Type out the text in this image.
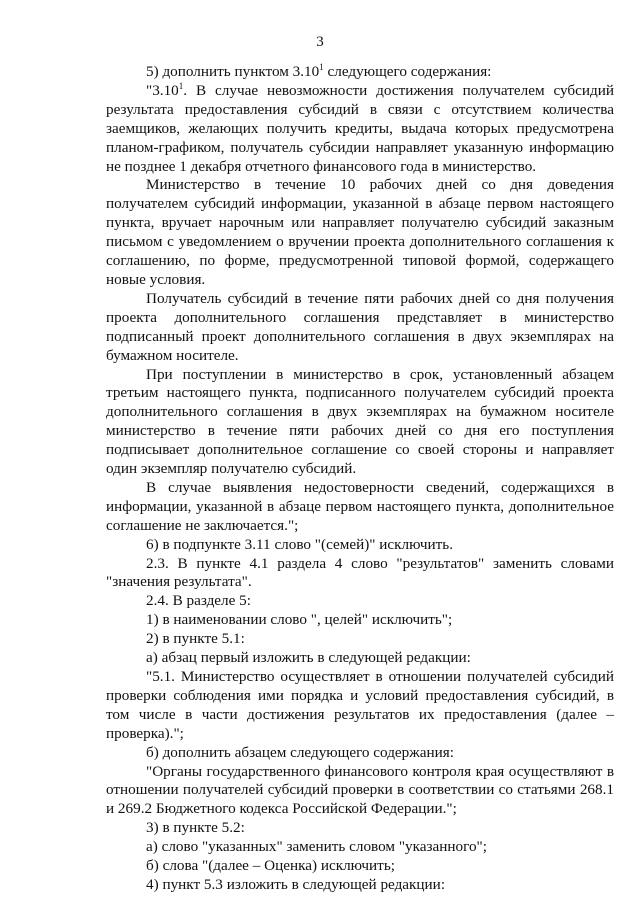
3

5) дополнить пунктом 3.10$^1$ следующего содержания:

"3.10$^1$. В случае невозможности достижения получателем субсидий результата предоставления субсидий в связи с отсутствием количества заемщиков, желающих получить кредиты, выдача которых предусмотрена планом-графиком, получатель субсидии направляет указанную информацию не позднее 1 декабря отчетного финансового года в министерство.

Министерство в течение 10 рабочих дней со дня доведения получателем субсидий информации, указанной в абзаце первом настоящего пункта, вручает нарочным или направляет получателю субсидий заказным письмом с уведомлением о вручении проекта дополнительного соглашения к соглашению, по форме, предусмотренной типовой формой, содержащего новые условия.

Получатель субсидий в течение пяти рабочих дней со дня получения проекта дополнительного соглашения представляет в министерство подписанный проект дополнительного соглашения в двух экземплярах на бумажном носителе.

При поступлении в министерство в срок, установленный абзацем третьим настоящего пункта, подписанного получателем субсидий проекта дополнительного соглашения в двух экземплярах на бумажном носителе министерство в течение пяти рабочих дней со дня его поступления подписывает дополнительное соглашение со своей стороны и направляет один экземпляр получателю субсидий.

В случае выявления недостоверности сведений, содержащихся в информации, указанной в абзаце первом настоящего пункта, дополнительное соглашение не заключается.";

6) в подпункте 3.11 слово "(семей)" исключить.

2.3. В пункте 4.1 раздела 4 слово "результатов" заменить словами "значения результата".

2.4. В разделе 5:

1) в наименовании слово ", целей" исключить";

2) в пункте 5.1:

а) абзац первый изложить в следующей редакции:

"5.1. Министерство осуществляет в отношении получателей субсидий проверки соблюдения ими порядка и условий предоставления субсидий, в том числе в части достижения результатов их предоставления (далее – проверка).";

б) дополнить абзацем следующего содержания:

"Органы государственного финансового контроля края осуществляют в отношении получателей субсидий проверки в соответствии со статьями 268.1 и 269.2 Бюджетного кодекса Российской Федерации.";

3) в пункте 5.2:

а) слово "указанных" заменить словом "указанного";

б) слова "(далее – Оценка) исключить;

4) пункт 5.3 изложить в следующей редакции:
